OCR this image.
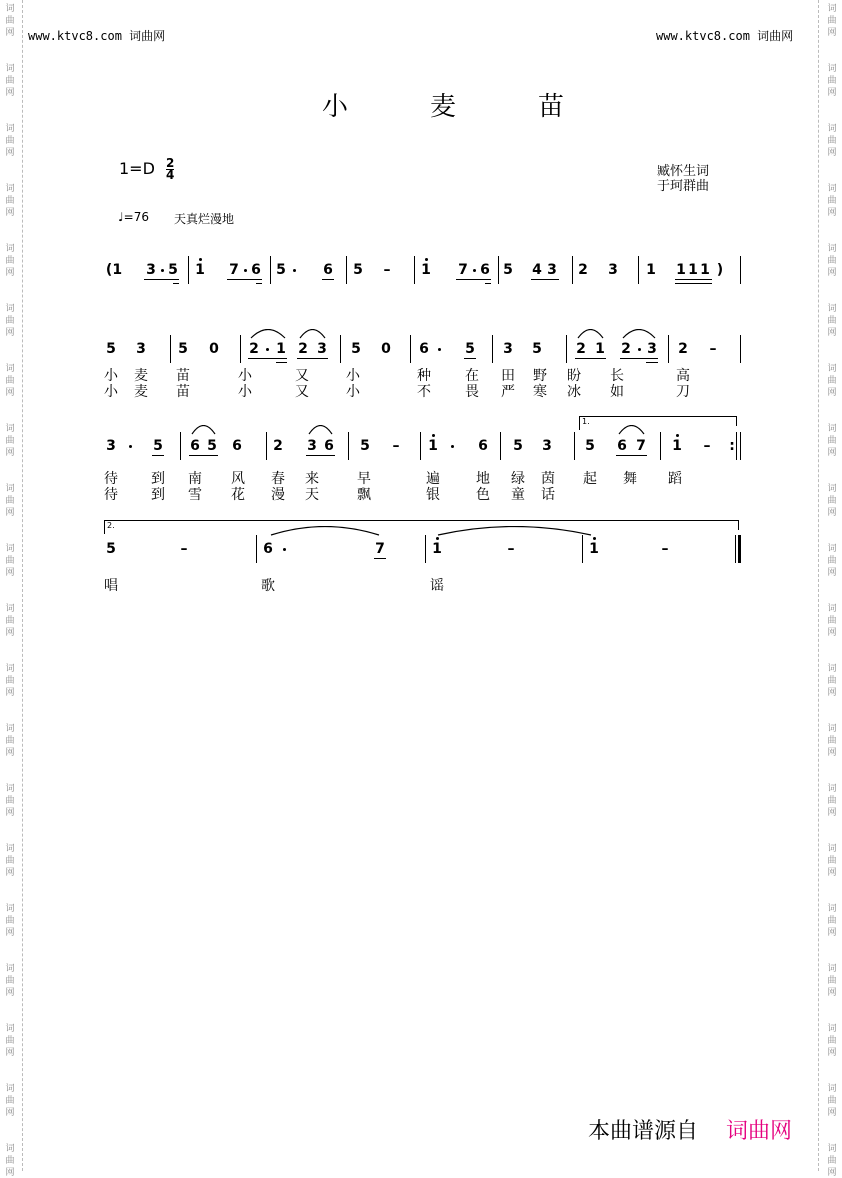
词
曲
网
词
曲
网
词
曲
网
词
曲
网
词
曲
网
词
曲
网
词
曲
网
词
曲
网
词
曲
网
词
曲
网
词
曲
网
词
曲
网
词
曲
网
词
曲
网
词
曲
网
词
曲
网
词
曲
网
词
曲
网
词
曲
网
词
曲
网
词
曲
网
词
曲
网
词
曲
网
词
曲
网
词
曲
网
词
曲
网
词
曲
网
词
曲
网
词
曲
网
词
曲
网
词
曲
网
词
曲
网
词
曲
网
词
曲
网
词
曲
网
词
曲
网
词
曲
网
词
曲
网
词
曲
网
词
曲
网
www.ktvc8.com 词曲网	www.ktvc8.com 词曲网
小麦苗
$1=D \frac{2}{4}$	臧怀生词
于珂群曲
♩=76 天真烂漫地
(1 3 5 1 7 6 5	6 5 – 1 7 6 5 4 3 2 3 1 1 1 1 )
5 3 5 0 2 1 2 3 5 0 6	5 3 5 2 1 2 3 2 –
小 麦 苗	小	又	小	种 在 田 野 盼 长	高
小 麦 苗	小	又	小	不 畏 严 寒 冰 如	刀
3	5 6 5 6 2 3 6 5 – 1	6 5 3 5 6 7 1 – :
1.
待 到 南 风 春 来	早	遍	地 绿 茵 起 舞 蹈
待 到 雪 花 漫 天	飘	银	色 童 话
5	–	6	7	1	–	1	–
2.
唱	歌	谣
本曲谱源自 词曲网
